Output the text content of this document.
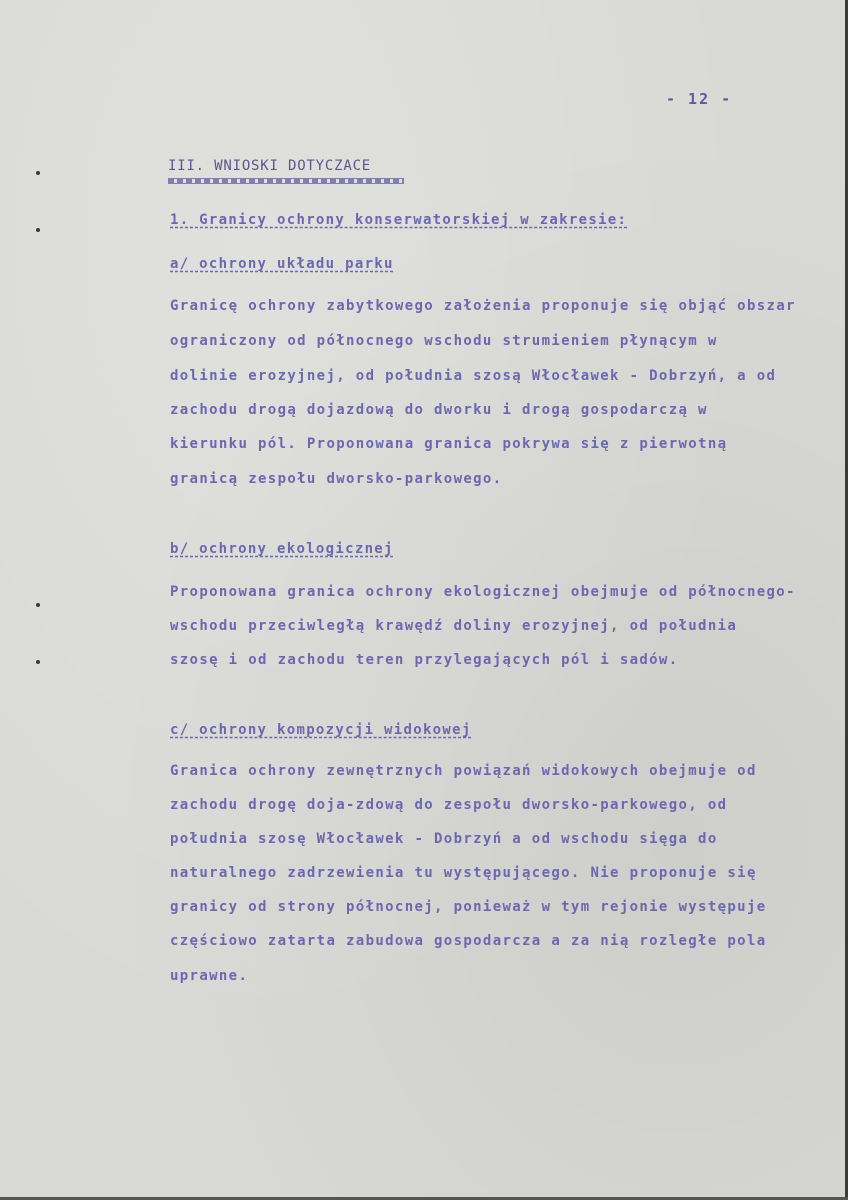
- 12 -
III. WNIOSKI DOTYCZACE
1. Granicy ochrony konserwatorskiej w zakresie:
a/ ochrony układu parku
Granicę ochrony zabytkowego założenia proponuje się objąć obszar
ograniczony od północnego wschodu strumieniem płynącym w
dolinie erozyjnej, od południa szosą Włocławek - Dobrzyń, a od
zachodu drogą dojazdową do dworku i drogą gospodarczą w
kierunku pól. Proponowana granica pokrywa się z pierwotną
granicą zespołu dworsko-parkowego.
b/ ochrony ekologicznej
Proponowana granica ochrony ekologicznej obejmuje od północnego-
wschodu przeciwległą krawędź doliny erozyjnej, od południa
szosę i od zachodu teren przylegających pól i sadów.
c/ ochrony kompozycji widokowej
Granica ochrony zewnętrznych powiązań widokowych obejmuje od
zachodu drogę doja-zdową do zespołu dworsko-parkowego, od
południa szosę Włocławek - Dobrzyń a od wschodu sięga do
naturalnego zadrzewienia tu występującego. Nie proponuje się
granicy od strony północnej, ponieważ w tym rejonie występuje
częściowo zatarta zabudowa gospodarcza a za nią rozległe pola
uprawne.
